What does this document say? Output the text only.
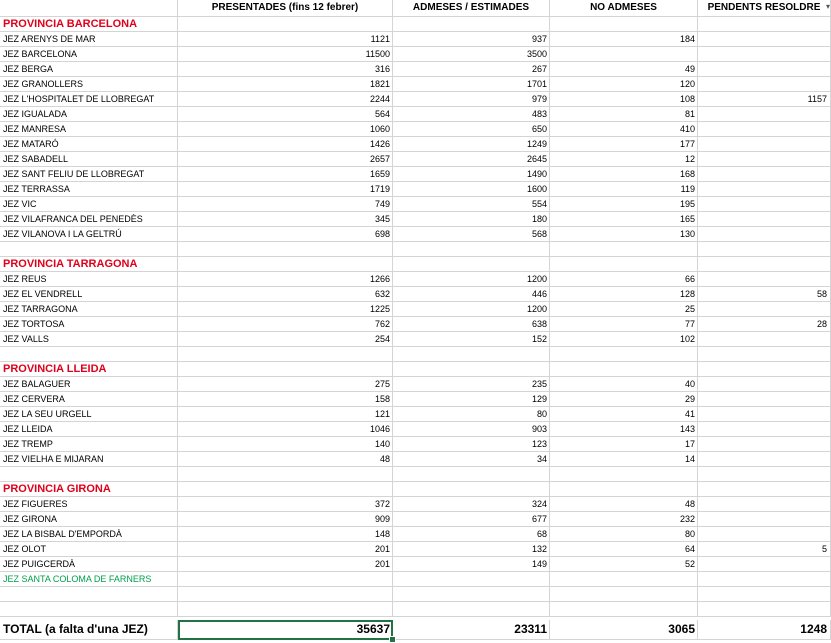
PRESENTADES (fins 12 febrer)	ADMESES / ESTIMADES	NO ADMESES	PENDENTS RESOLDRE ▾
PROVINCIA BARCELONA
JEZ ARENYS DE MAR	1121	937	184
JEZ BARCELONA	11500	3500
JEZ BERGA	316	267	49
JEZ GRANOLLERS	1821	1701	120
JEZ L'HOSPITALET DE LLOBREGAT	2244	979	108	1157
JEZ IGUALADA	564	483	81
JEZ MANRESA	1060	650	410
JEZ MATARÓ	1426	1249	177
JEZ SABADELL	2657	2645	12
JEZ SANT FELIU DE LLOBREGAT	1659	1490	168
JEZ TERRASSA	1719	1600	119
JEZ VIC	749	554	195
JEZ VILAFRANCA DEL PENEDÈS	345	180	165
JEZ VILANOVA I LA GELTRÚ	698	568	130
PROVINCIA TARRAGONA
JEZ REUS	1266	1200	66
JEZ EL VENDRELL	632	446	128	58
JEZ TARRAGONA	1225	1200	25
JEZ TORTOSA	762	638	77	28
JEZ VALLS	254	152	102
PROVINCIA LLEIDA
JEZ BALAGUER	275	235	40
JEZ CERVERA	158	129	29
JEZ LA SEU URGELL	121	80	41
JEZ LLEIDA	1046	903	143
JEZ TREMP	140	123	17
JEZ VIELHA E MIJARAN	48	34	14
PROVINCIA GIRONA
JEZ FIGUERES	372	324	48
JEZ GIRONA	909	677	232
JEZ LA BISBAL D'EMPORDÀ	148	68	80
JEZ OLOT	201	132	64	5
JEZ PUIGCERDÀ	201	149	52
JEZ SANTA COLOMA DE FARNERS
TOTAL (a falta d'una JEZ)	35637	23311	3065	1248
